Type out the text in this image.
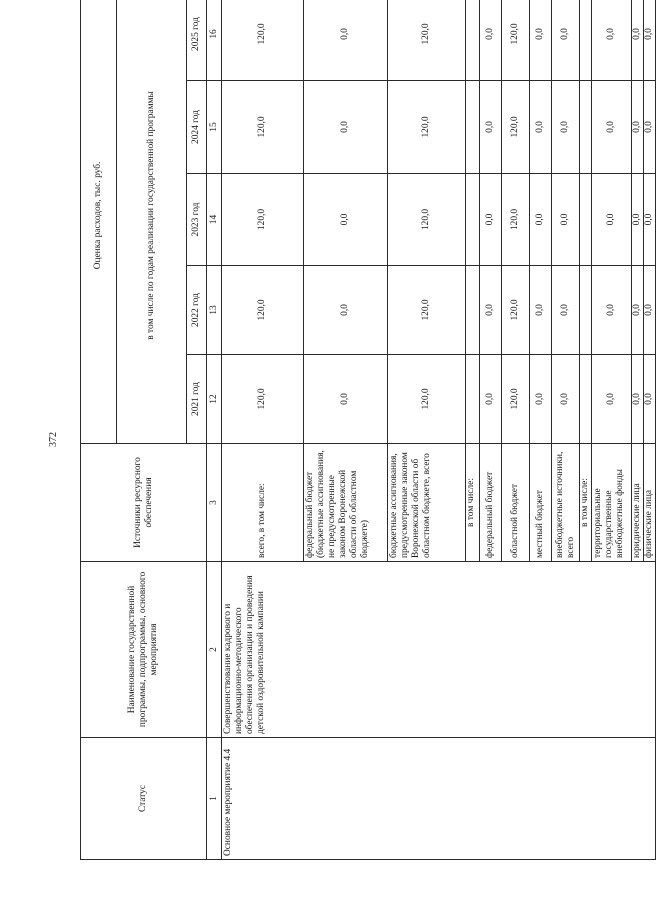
372
Статус	Наименование государственной программы, подпрограммы, основного мероприятия	Источники ресурсного обеспечения	Оценка расходов, тыс. руб.				
			в том числе по годам реализации государственной программы				
			2021 год	2022 год	2023 год	2024 год	2025 год
1	2	3	12	13	14	15	16
Основное мероприятие 4.4	Совершенствование кадрового и информационно-методического обеспечения организации и проведения детской оздоровительной кампании	всего, в том числе:	120,0	120,0	120,0	120,0	120,0
		федеральный бюджет (бюджетные ассигнования, не предусмотренные законом Воронежской области об областном бюджете)	0,0	0,0	0,0	0,0	0,0
		бюджетные ассигнования, предусмотренные законом Воронежской области об областном бюджете, всего	120,0	120,0	120,0	120,0	120,0
		в том числе:					
		федеральный бюджет	0,0	0,0	0,0	0,0	0,0
		областной бюджет	120,0	120,0	120,0	120,0	120,0
		местный бюджет	0,0	0,0	0,0	0,0	0,0
		внебюджетные источники, всего	0,0	0,0	0,0	0,0	0,0
		в том числе:					
		территориальные государственные внебюджетные фонды	0,0	0,0	0,0	0,0	0,0
		юридические лица	0,0	0,0	0,0	0,0	0,0
		физические лица	0,0	0,0	0,0	0,0	0,0
